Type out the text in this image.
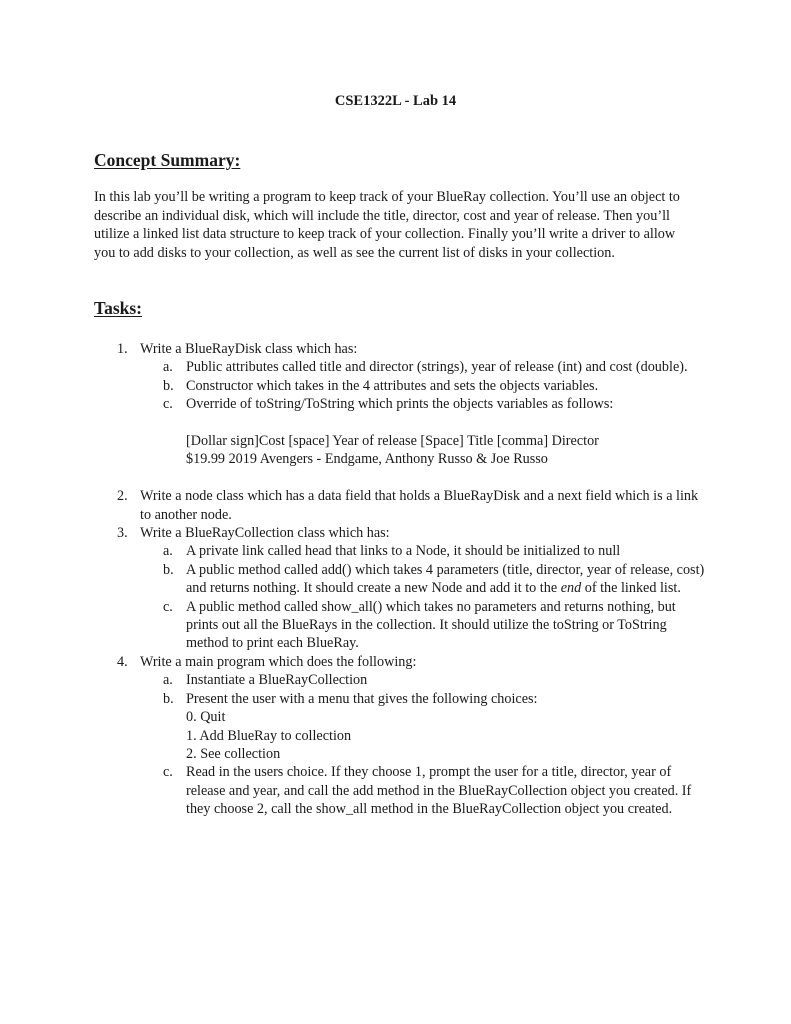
CSE1322L - Lab 14
Concept Summary:

In this lab you’ll be writing a program to keep track of your BlueRay collection. You’ll use an object to describe an individual disk, which will include the title, director, cost and year of release. Then you’ll utilize a linked list data structure to keep track of your collection. Finally you’ll write a driver to allow you to add disks to your collection, as well as see the current list of disks in your collection.

Tasks:
1. Write a BlueRayDisk class which has:
a. Public attributes called title and director (strings), year of release (int) and cost (double).
b. Constructor which takes in the 4 attributes and sets the objects variables.
c. Override of toString/ToString which prints the objects variables as follows:
[Dollar sign]Cost [space] Year of release [Space] Title [comma] Director
$19.99 2019 Avengers - Endgame, Anthony Russo & Joe Russo
2. Write a node class which has a data field that holds a BlueRayDisk and a next field which is a link to another node.
3. Write a BlueRayCollection class which has:
a. A private link called head that links to a Node, it should be initialized to null
b. A public method called add() which takes 4 parameters (title, director, year of release, cost) and returns nothing. It should create a new Node and add it to the end of the linked list.
c. A public method called show_all() which takes no parameters and returns nothing, but prints out all the BlueRays in the collection. It should utilize the toString or ToString method to print each BlueRay.
4. Write a main program which does the following:
a. Instantiate a BlueRayCollection
b. Present the user with a menu that gives the following choices:
0. Quit
1. Add BlueRay to collection
2. See collection
c. Read in the users choice. If they choose 1, prompt the user for a title, director, year of release and year, and call the add method in the BlueRayCollection object you created. If they choose 2, call the show_all method in the BlueRayCollection object you created.
